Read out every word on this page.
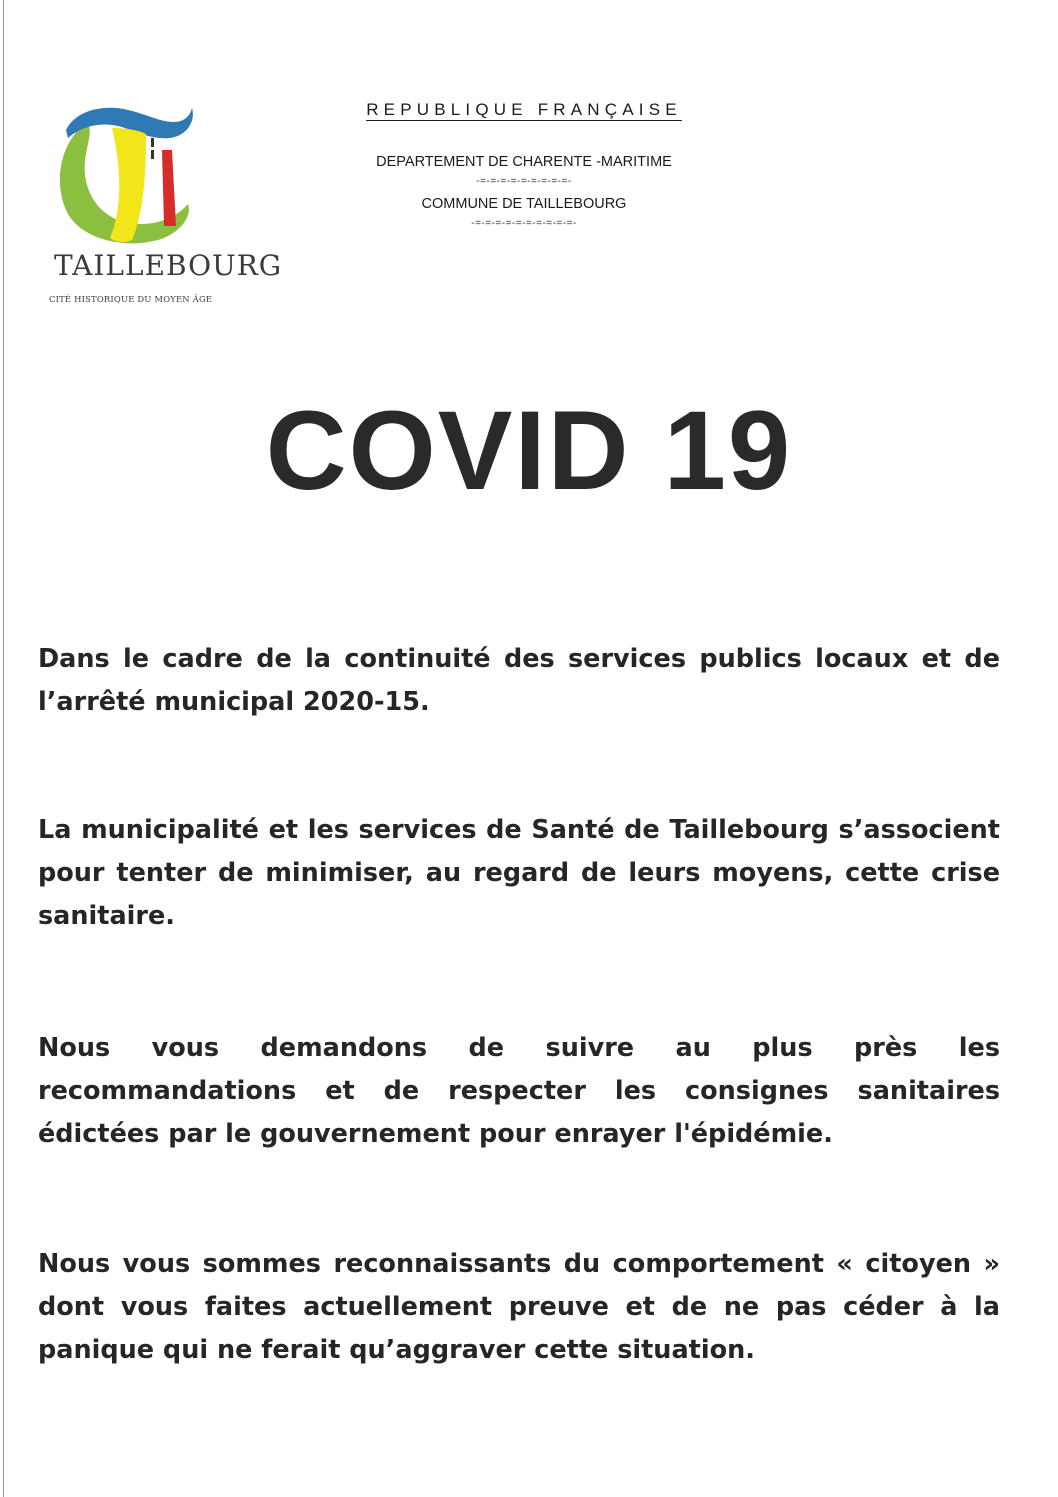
TAILLEBOURG
CITÉ HISTORIQUE DU MOYEN ÂGE
REPUBLIQUE FRANÇAISE
DEPARTEMENT DE CHARENTE -MARITIME
-=-=-=-=-=-=-=-=-=-
COMMUNE DE TAILLEBOURG
-=-=-=-=-=-=-=-=-=-=-
COVID 19
Dans le cadre de la continuité des services publics locaux et de l’arrêté municipal 2020-15.
La municipalité et les services de Santé de Taillebourg s’associent pour tenter de minimiser, au regard de leurs moyens, cette crise sanitaire.
Nous vous demandons de suivre au plus près les recommandations et de respecter les consignes sanitaires édictées par le gouvernement pour enrayer l'épidémie.
Nous vous sommes reconnaissants du comportement « citoyen » dont vous faites actuellement preuve et de ne pas céder à la panique qui ne ferait qu’aggraver cette situation.
